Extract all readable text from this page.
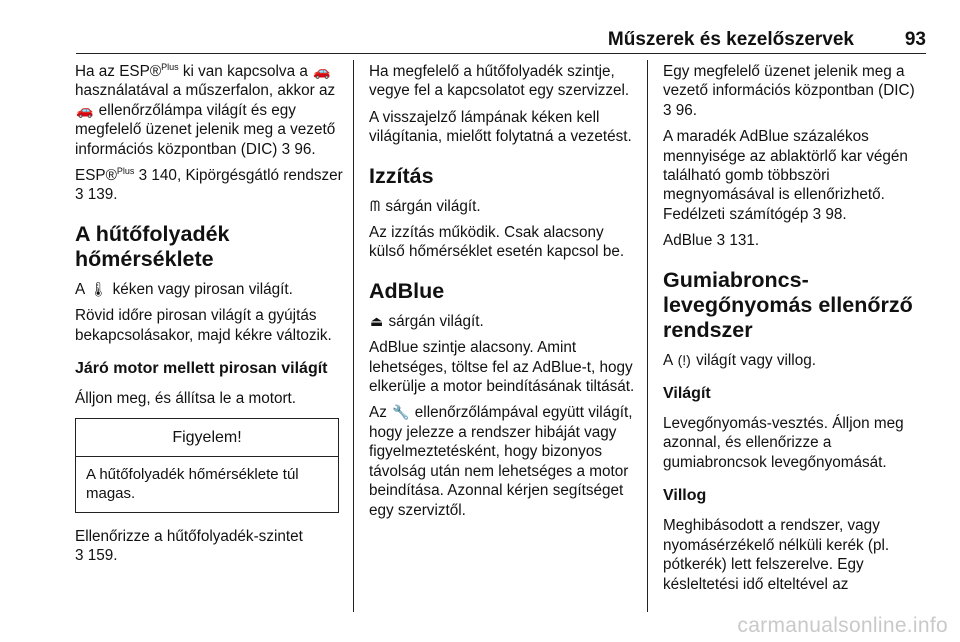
Műszerek és kezelőszervek	93

Ha az ESP®$^{Plus}$ ki van kapcsolva a 🚗 használatával a műszerfalon, akkor az 🚗 ellenőrzőlámpa világít és egy megfelelő üzenet jelenik meg a vezető információs központban (DIC) 3 96.

ESP®$^{Plus}$ 3 140, Kipörgésgátló rendszer 3 139.

A hűtőfolyadék hőmérséklete

A 🌡 kéken vagy pirosan világít.

Rövid időre pirosan világít a gyújtás bekapcsolásakor, majd kékre változik.

Járó motor mellett pirosan világít

Álljon meg, és állítsa le a motort.

Figyelem!
A hűtőfolyadék hőmérséklete túl magas.

Ellenőrizze a hűtőfolyadék-szintet
3 159.

Ha megfelelő a hűtőfolyadék szintje, vegye fel a kapcsolatot egy szervizzel.

A visszajelző lámpának kéken kell világítania, mielőtt folytatná a vezetést.

Izzítás

ᗰ sárgán világít.

Az izzítás működik. Csak alacsony külső hőmérséklet esetén kapcsol be.

AdBlue

⏏ sárgán világít.

AdBlue szintje alacsony. Amint lehetséges, töltse fel az AdBlue-t, hogy elkerülje a motor beindításának tiltását.

Az 🔧 ellenőrzőlámpával együtt világít, hogy jelezze a rendszer hibáját vagy figyelmeztetésként, hogy bizonyos távolság után nem lehetséges a motor beindítása. Azonnal kérjen segítséget egy szerviztől.

Egy megfelelő üzenet jelenik meg a vezető információs központban (DIC)
3 96.

A maradék AdBlue százalékos mennyisége az ablaktörlő kar végén található gomb többszöri megnyomásával is ellenőrizhető. Fedélzeti számítógép 3 98.

AdBlue 3 131.

Gumiabroncs-levegőnyomás ellenőrző rendszer

A (!) világít vagy villog.

Világít

Levegőnyomás-vesztés. Álljon meg azonnal, és ellenőrizze a gumiabroncsok levegőnyomását.

Villog

Meghibásodott a rendszer, vagy nyomásérzékelő nélküli kerék (pl. pótkerék) lett felszerelve. Egy késleltetési idő elteltével az

carmanualsonline.info
